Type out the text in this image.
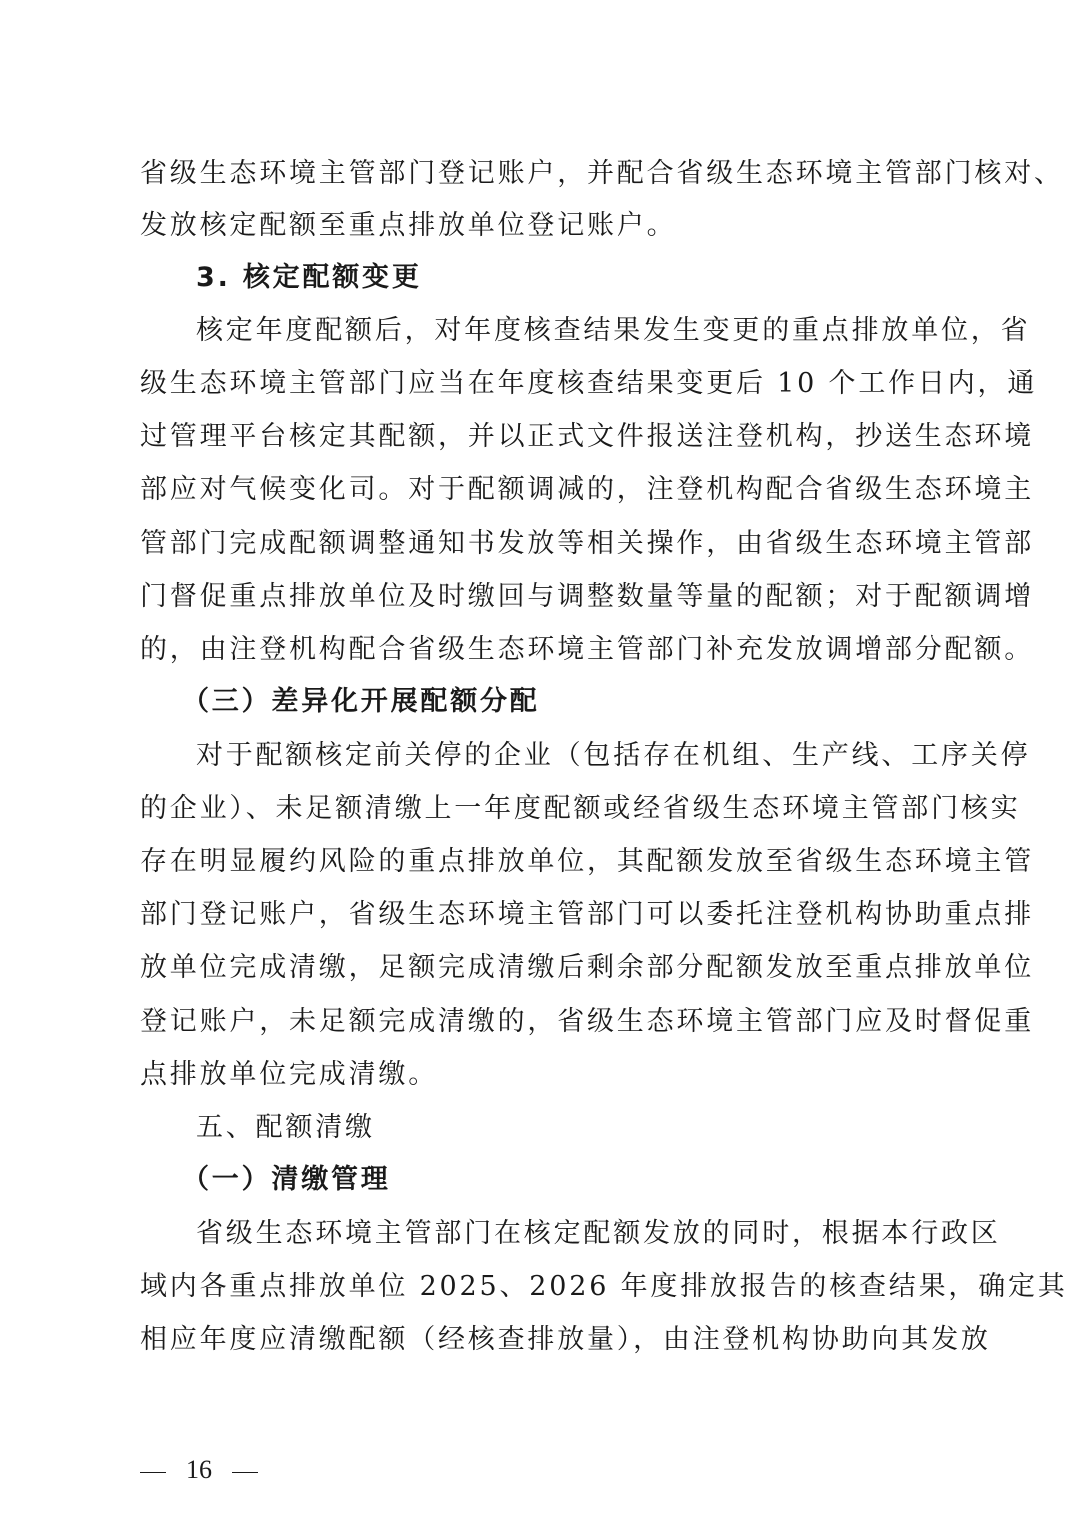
省级生态环境主管部门登记账户，并配合省级生态环境主管部门核对、
发放核定配额至重点排放单位登记账户。
3. 核定配额变更
核定年度配额后，对年度核查结果发生变更的重点排放单位，省
级生态环境主管部门应当在年度核查结果变更后 10 个工作日内，通
过管理平台核定其配额，并以正式文件报送注登机构，抄送生态环境
部应对气候变化司。对于配额调减的，注登机构配合省级生态环境主
管部门完成配额调整通知书发放等相关操作，由省级生态环境主管部
门督促重点排放单位及时缴回与调整数量等量的配额；对于配额调增
的，由注登机构配合省级生态环境主管部门补充发放调增部分配额。
（三）差异化开展配额分配
对于配额核定前关停的企业（包括存在机组、生产线、工序关停
的企业）、未足额清缴上一年度配额或经省级生态环境主管部门核实
存在明显履约风险的重点排放单位，其配额发放至省级生态环境主管
部门登记账户，省级生态环境主管部门可以委托注登机构协助重点排
放单位完成清缴，足额完成清缴后剩余部分配额发放至重点排放单位
登记账户，未足额完成清缴的，省级生态环境主管部门应及时督促重
点排放单位完成清缴。
五、配额清缴
（一）清缴管理
省级生态环境主管部门在核定配额发放的同时，根据本行政区
域内各重点排放单位 2025、2026 年度排放报告的核查结果，确定其
相应年度应清缴配额（经核查排放量），由注登机构协助向其发放
16
